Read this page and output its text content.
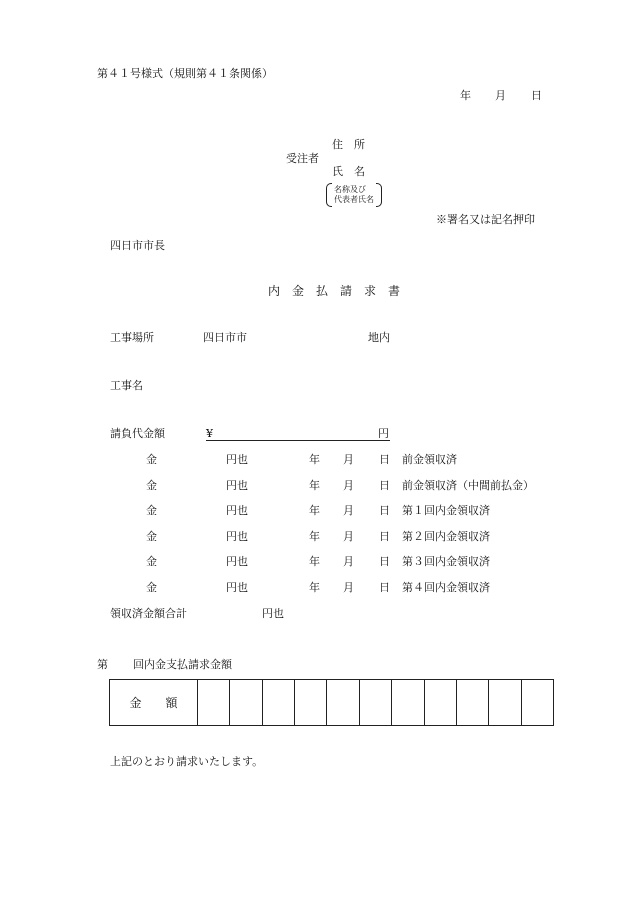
第４１号様式（規則第４１条関係）
年 月 日
受注者
住　所
氏　名
名称及び
代表者氏名
※署名又は記名押印
四日市市長
内　金　払　請　求　書
工事場所	四日市市	地内
工事名
請負代金額	¥	円
金	円也	年 月 日 前金領収済
金	円也	年 月 日 前金領収済（中間前払金）
金	円也	年 月 日 第１回内金領収済
金	円也	年 月 日 第２回内金領収済
金	円也	年 月 日 第３回内金領収済
金	円也	年 月 日 第４回内金領収済
領収済金額合計	円也
第 回内金支払請求金額
金　　額											
上記のとおり請求いたします。
